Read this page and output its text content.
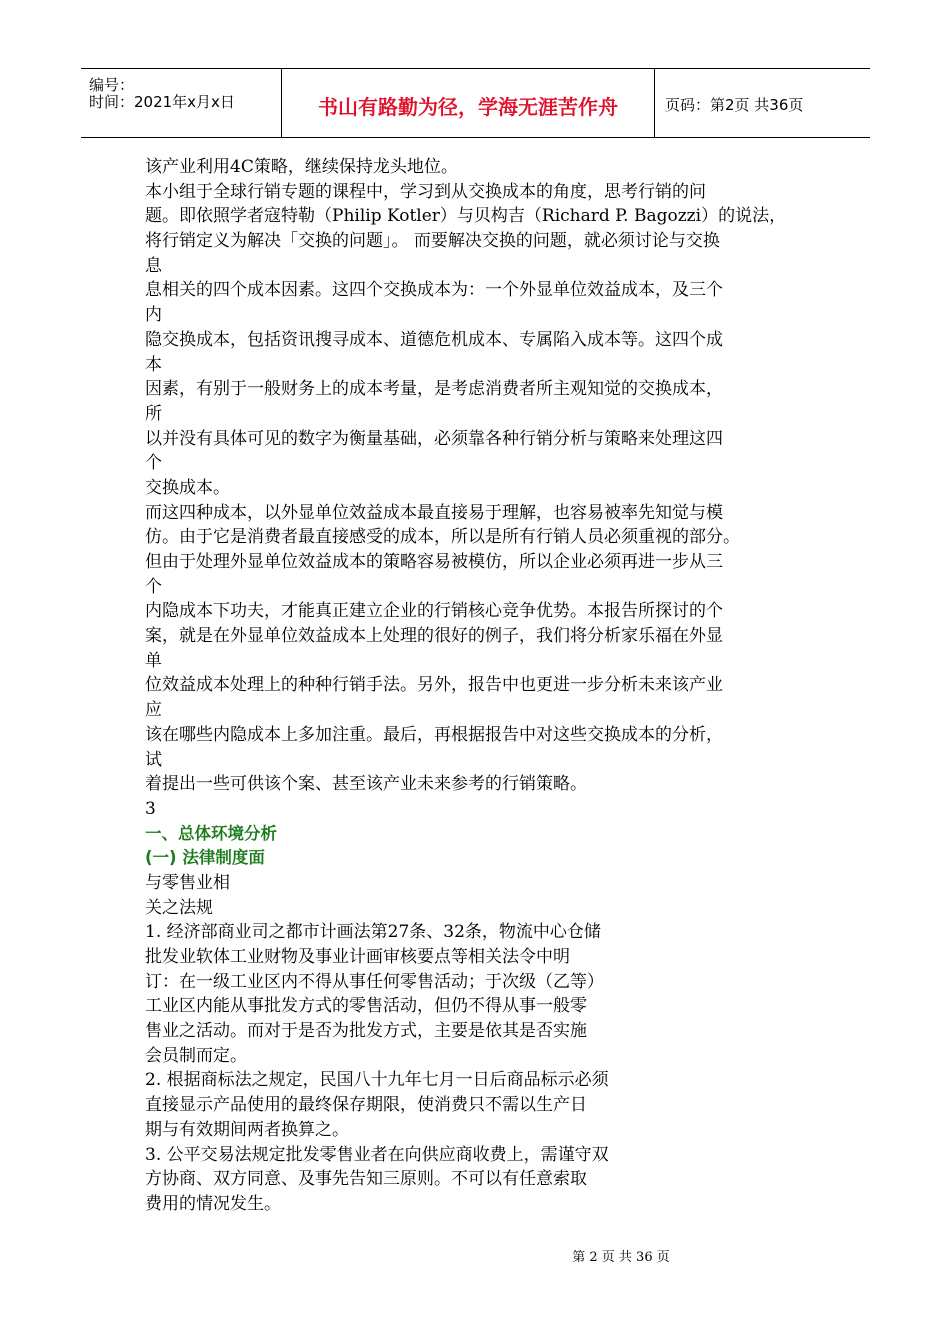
编号：
时间：2021年x月x日	书山有路勤为径，学海无涯苦作舟	页码：第2页 共36页
该产业利用4C策略，继续保持龙头地位。
本小组于全球行销专题的课程中，学习到从交换成本的角度，思考行销的问
题。即依照学者寇特勒（Philip Kotler）与贝构吉（Richard P. Bagozzi）的说法，
将行销定义为解决「交换的问题」。 而要解决交换的问题，就必须讨论与交换
息
息相关的四个成本因素。这四个交换成本为：一个外显单位效益成本，及三个
内
隐交换成本，包括资讯搜寻成本、道德危机成本、专属陷入成本等。这四个成
本
因素，有别于一般财务上的成本考量，是考虑消费者所主观知觉的交换成本，
所
以并没有具体可见的数字为衡量基础，必须靠各种行销分析与策略来处理这四
个
交换成本。
而这四种成本，以外显单位效益成本最直接易于理解，也容易被率先知觉与模
仿。由于它是消费者最直接感受的成本，所以是所有行销人员必须重视的部分。
但由于处理外显单位效益成本的策略容易被模仿，所以企业必须再进一步从三
个
内隐成本下功夫，才能真正建立企业的行销核心竞争优势。本报告所探讨的个
案，就是在外显单位效益成本上处理的很好的例子，我们将分析家乐福在外显
单
位效益成本处理上的种种行销手法。另外，报告中也更进一步分析未来该产业
应
该在哪些内隐成本上多加注重。最后，再根据报告中对这些交换成本的分析，
试
着提出一些可供该个案、甚至该产业未来参考的行销策略。
3
一、总体环境分析
(一) 法律制度面
与零售业相
关之法规
1. 经济部商业司之都市计画法第27条、32条，物流中心仓储
批发业软体工业财物及事业计画审核要点等相关法令中明
订：在一级工业区内不得从事任何零售活动；于次级（乙等）
工业区内能从事批发方式的零售活动，但仍不得从事一般零
售业之活动。而对于是否为批发方式，主要是依其是否实施
会员制而定。
2. 根据商标法之规定，民国八十九年七月一日后商品标示必须
直接显示产品使用的最终保存期限，使消费只不需以生产日
期与有效期间两者换算之。
3. 公平交易法规定批发零售业者在向供应商收费上，需谨守双
方协商、双方同意、及事先告知三原则。不可以有任意索取
费用的情况发生。
第 2 页 共 36 页
